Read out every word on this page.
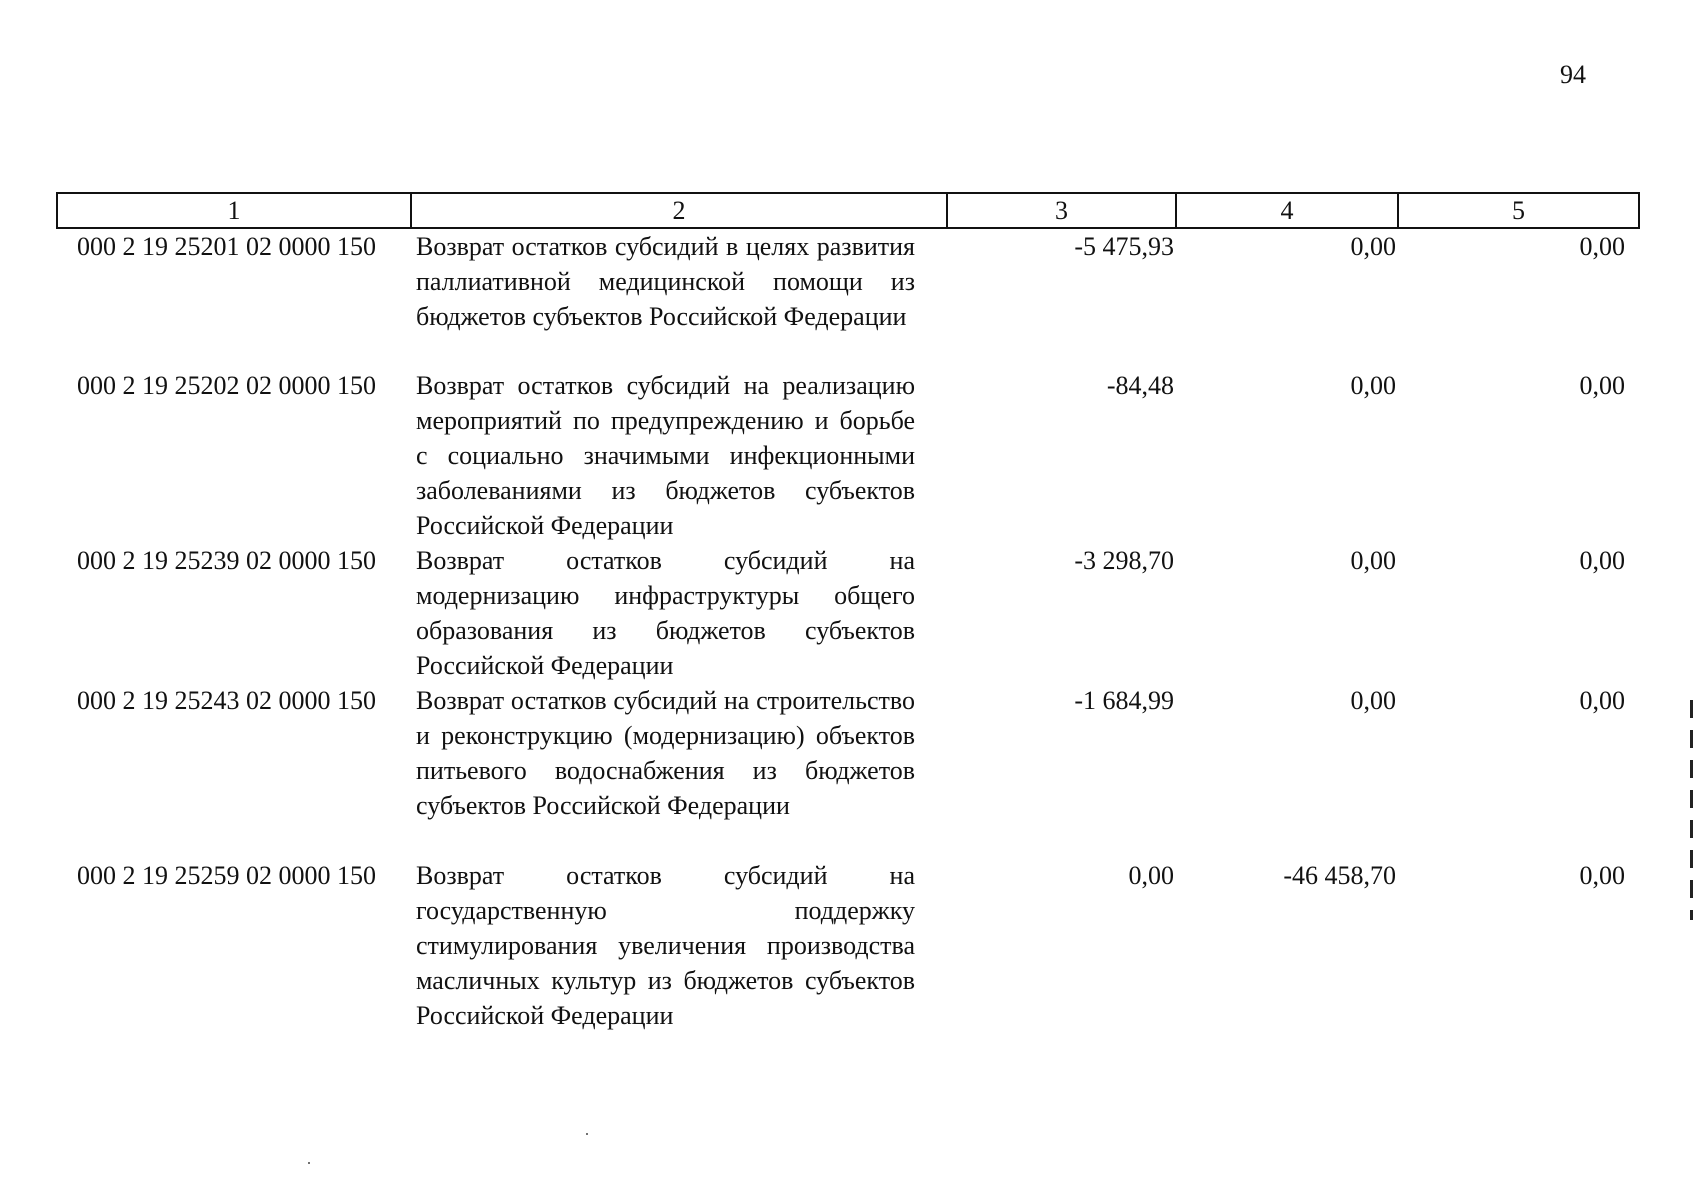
94
1	2	3	4	5
000 2 19 25201 02 0000 150	Возврат остатков субсидий в целях развития паллиативной медицинской помощи из бюджетов субъектов Российской Федерации	-5 475,93	0,00	0,00
000 2 19 25202 02 0000 150	Возврат остатков субсидий на реализацию мероприятий по предупреждению и борьбе с социально значимыми инфекционными заболеваниями из бюджетов субъектов Российской Федерации	-84,48	0,00	0,00
000 2 19 25239 02 0000 150	Возврат остатков субсидий на модернизацию инфраструктуры общего образования из бюджетов субъектов Российской Федерации	-3 298,70	0,00	0,00
000 2 19 25243 02 0000 150	Возврат остатков субсидий на строительство и реконструкцию (модернизацию) объектов питьевого водоснабжения из бюджетов субъектов Российской Федерации	-1 684,99	0,00	0,00
000 2 19 25259 02 0000 150	Возврат остатков субсидий на государственную поддержку стимулирования увеличения производства масличных культур из бюджетов субъектов Российской Федерации	0,00	-46 458,70	0,00
